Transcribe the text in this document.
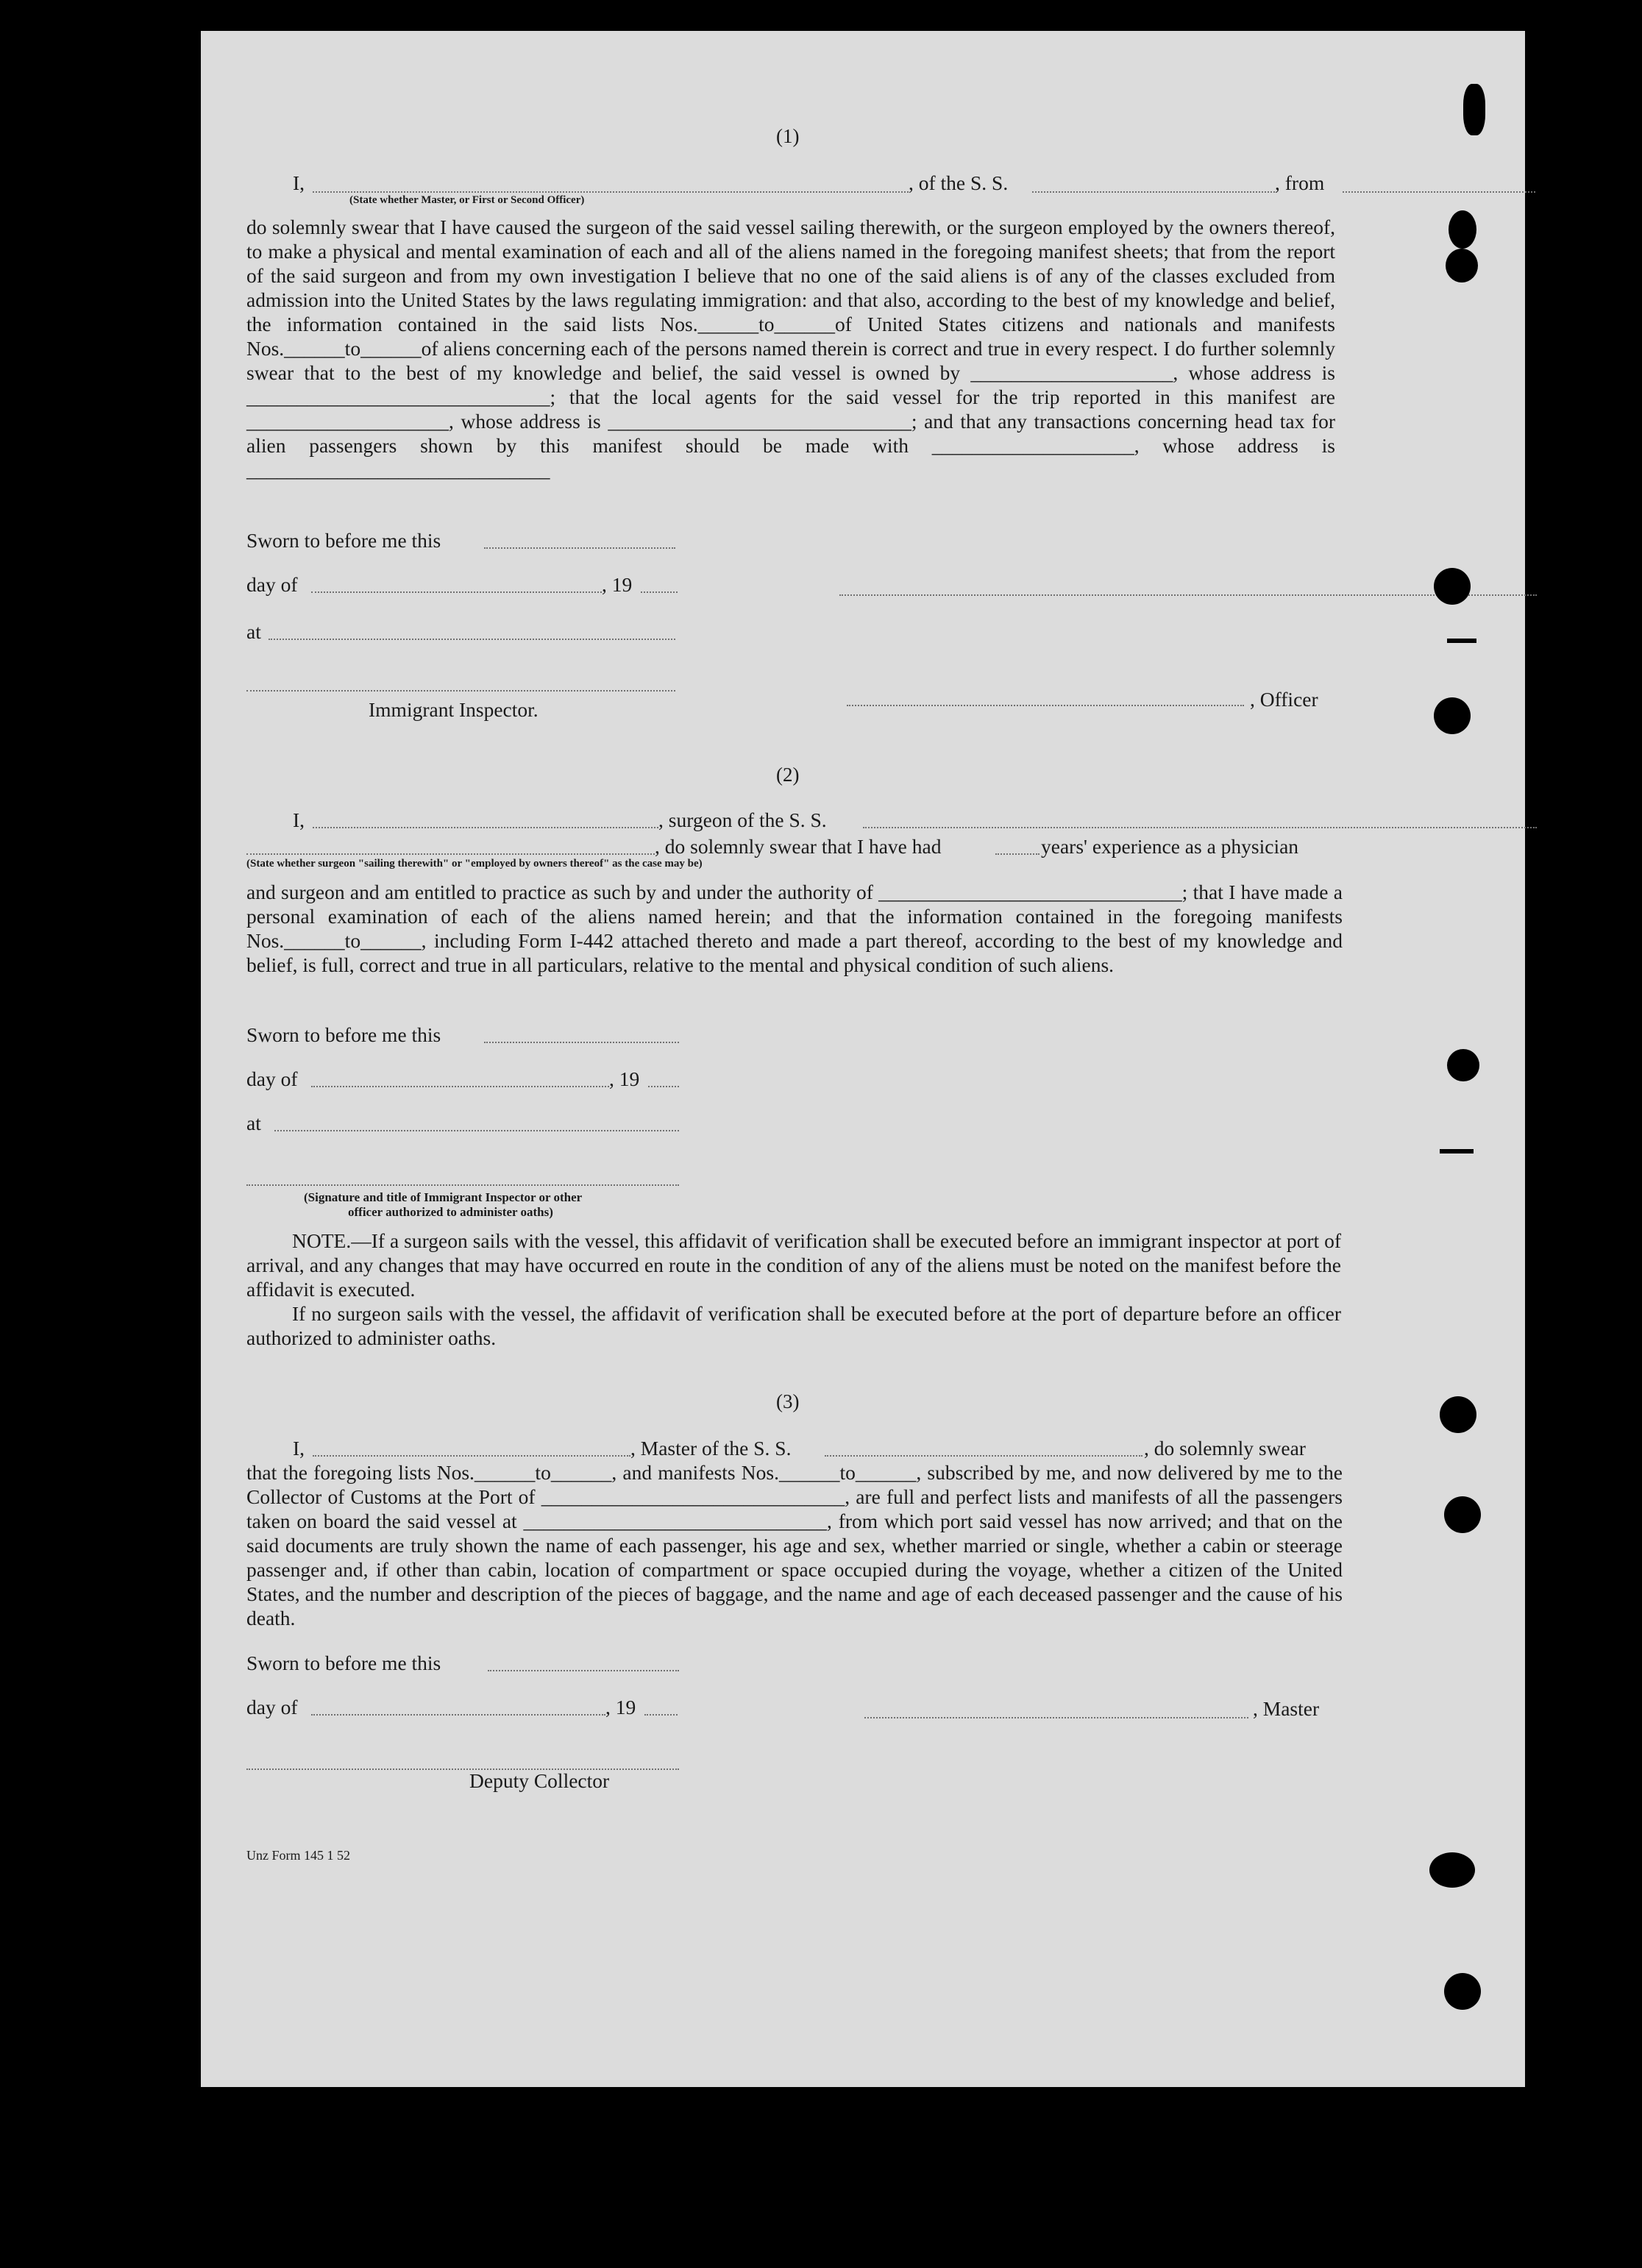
(1)
I,	, of the S. S.	, from
(State whether Master, or First or Second Officer)
do solemnly swear that I have caused the surgeon of the said vessel sailing therewith, or the surgeon employed by the owners thereof, to make a physical and mental examination of each and all of the aliens named in the foregoing manifest sheets; that from the report of the said surgeon and from my own investigation I believe that no one of the said aliens is of any of the classes excluded from admission into the United States by the laws regulating immigration: and that also, according to the best of my knowledge and belief, the information contained in the said lists Nos.______to______of United States citizens and nationals and manifests Nos.______to______of aliens concerning each of the persons named therein is correct and true in every respect. I do further solemnly swear that to the best of my knowledge and belief, the said vessel is owned by ____________________, whose address is ______________________________; that the local agents for the said vessel for the trip reported in this manifest are ____________________, whose address is ______________________________; and that any transactions concerning head tax for alien passengers shown by this manifest should be made with ____________________, whose address is ______________________________
Sworn to before me this
day of	, 19
at
Immigrant Inspector.	, Officer
(2)
I,	, surgeon of the S. S.
, do solemnly swear that I have had	years' experience as a physician
(State whether surgeon "sailing therewith" or "employed by owners thereof" as the case may be)
and surgeon and am entitled to practice as such by and under the authority of ______________________________; that I have made a personal examination of each of the aliens named herein; and that the information contained in the foregoing manifests Nos.______to______, including Form I-442 attached thereto and made a part thereof, according to the best of my knowledge and belief, is full, correct and true in all particulars, relative to the mental and physical condition of such aliens.
Sworn to before me this
day of	, 19
at
(Signature and title of Immigrant Inspector or other
officer authorized to administer oaths)
NOTE.—If a surgeon sails with the vessel, this affidavit of verification shall be executed before an immigrant inspector at port of arrival, and any changes that may have occurred en route in the condition of any of the aliens must be noted on the manifest before the affidavit is executed.
If no surgeon sails with the vessel, the affidavit of verification shall be executed before at the port of departure before an officer authorized to administer oaths.
(3)
I,	, Master of the S. S.	, do solemnly swear
that the foregoing lists Nos.______to______, and manifests Nos.______to______, subscribed by me, and now delivered by me to the Collector of Customs at the Port of ______________________________, are full and perfect lists and manifests of all the passengers taken on board the said vessel at ______________________________, from which port said vessel has now arrived; and that on the said documents are truly shown the name of each passenger, his age and sex, whether married or single, whether a cabin or steerage passenger and, if other than cabin, location of compartment or space occupied during the voyage, whether a citizen of the United States, and the number and description of the pieces of baggage, and the name and age of each deceased passenger and the cause of his death.
Sworn to before me this
day of	, 19	, Master
Deputy Collector
Unz Form 145 1 52
